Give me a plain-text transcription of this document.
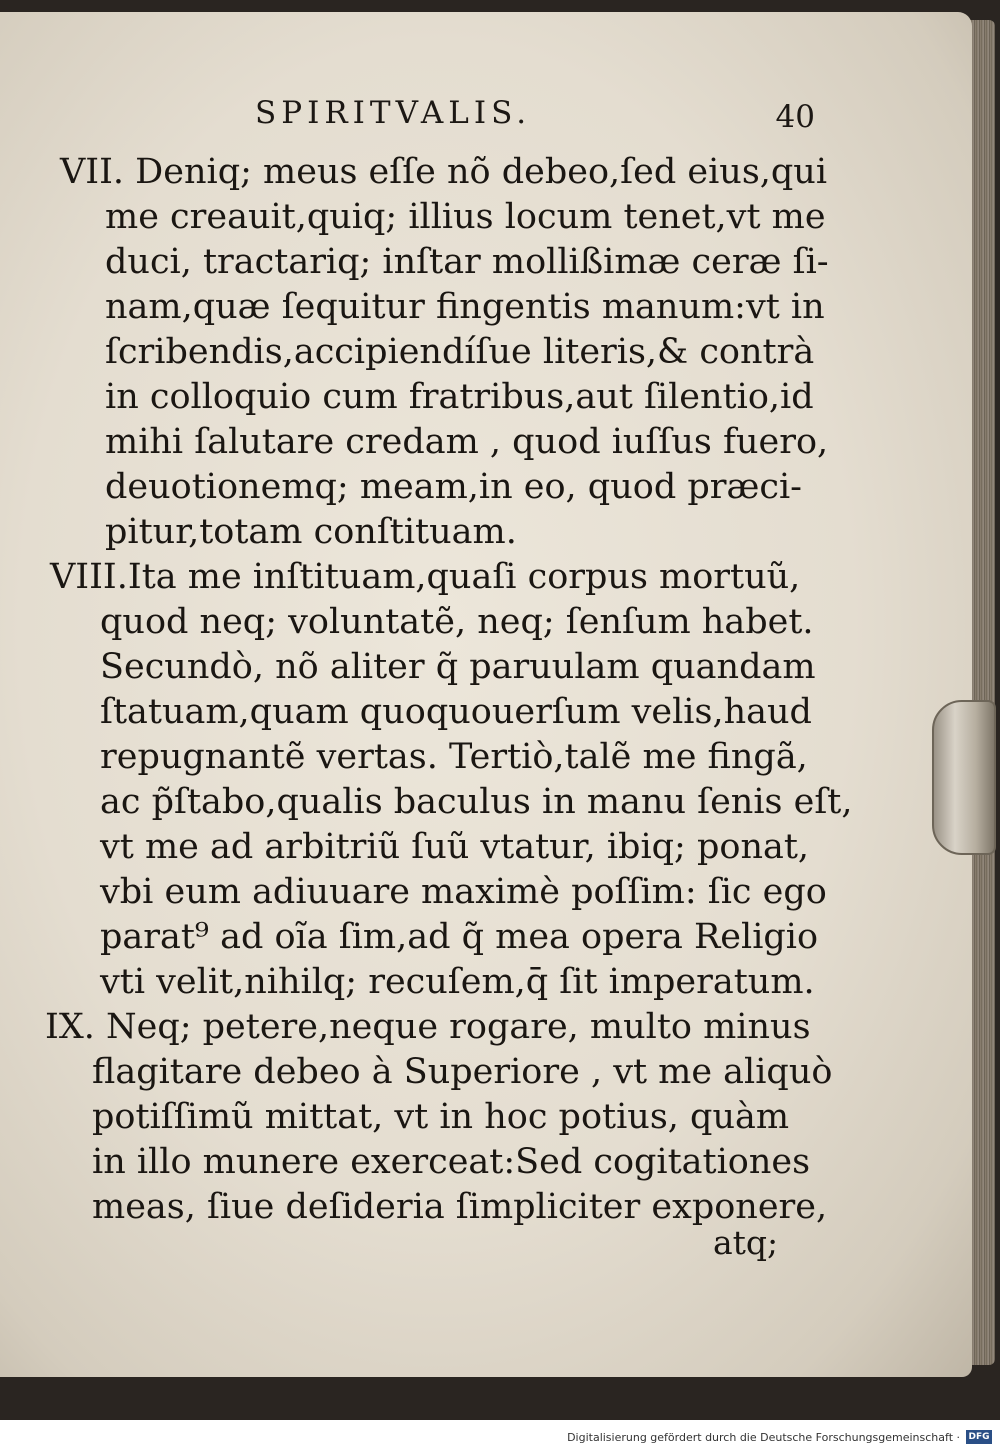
SPIRITVALIS.	40
VII. Deniq; meus eſſe nõ debeo,ſed eius,qui
me creauit,quiq; illius locum tenet,vt me
duci, tractariq; inſtar mollißimæ ceræ ſi-
nam,quæ ſequitur fingentis manum:vt in
ſcribendis,accipiendíſue literis,& contrà
in colloquio cum fratribus,aut ſilentio,id
mihi ſalutare credam , quod iuſſus fuero,
deuotionemq; meam,in eo, quod præci-
pitur,totam conſtituam.
VIII.Ita me inſtituam,quaſi corpus mortuũ,
quod neq; voluntatẽ, neq; ſenſum habet.
Secundò, nõ aliter q̃ paruulam quandam
ſtatuam,quam quoquouerſum velis,haud
repugnantẽ vertas. Tertiò,talẽ me fingã,
ac p̃ſtabo,qualis baculus in manu ſenis eſt,
vt me ad arbitriũ ſuũ vtatur, ibiq; ponat,
vbi eum adiuuare maximè poſſim: ſic ego
parat⁹ ad oĩa ſim,ad q̃ mea opera Religio
vti velit,nihilq; recuſem,q̄ ſit imperatum.
IX. Neq; petere,neque rogare, multo minus
flagitare debeo à Superiore , vt me aliquò
potiſſimũ mittat, vt in hoc potius, quàm
in illo munere exerceat:Sed cogitationes
meas, ſiue deſideria ſimpliciter exponere,
atq;
Digitalisierung gefördert durch die Deutsche Forschungsgemeinschaft · DFG
